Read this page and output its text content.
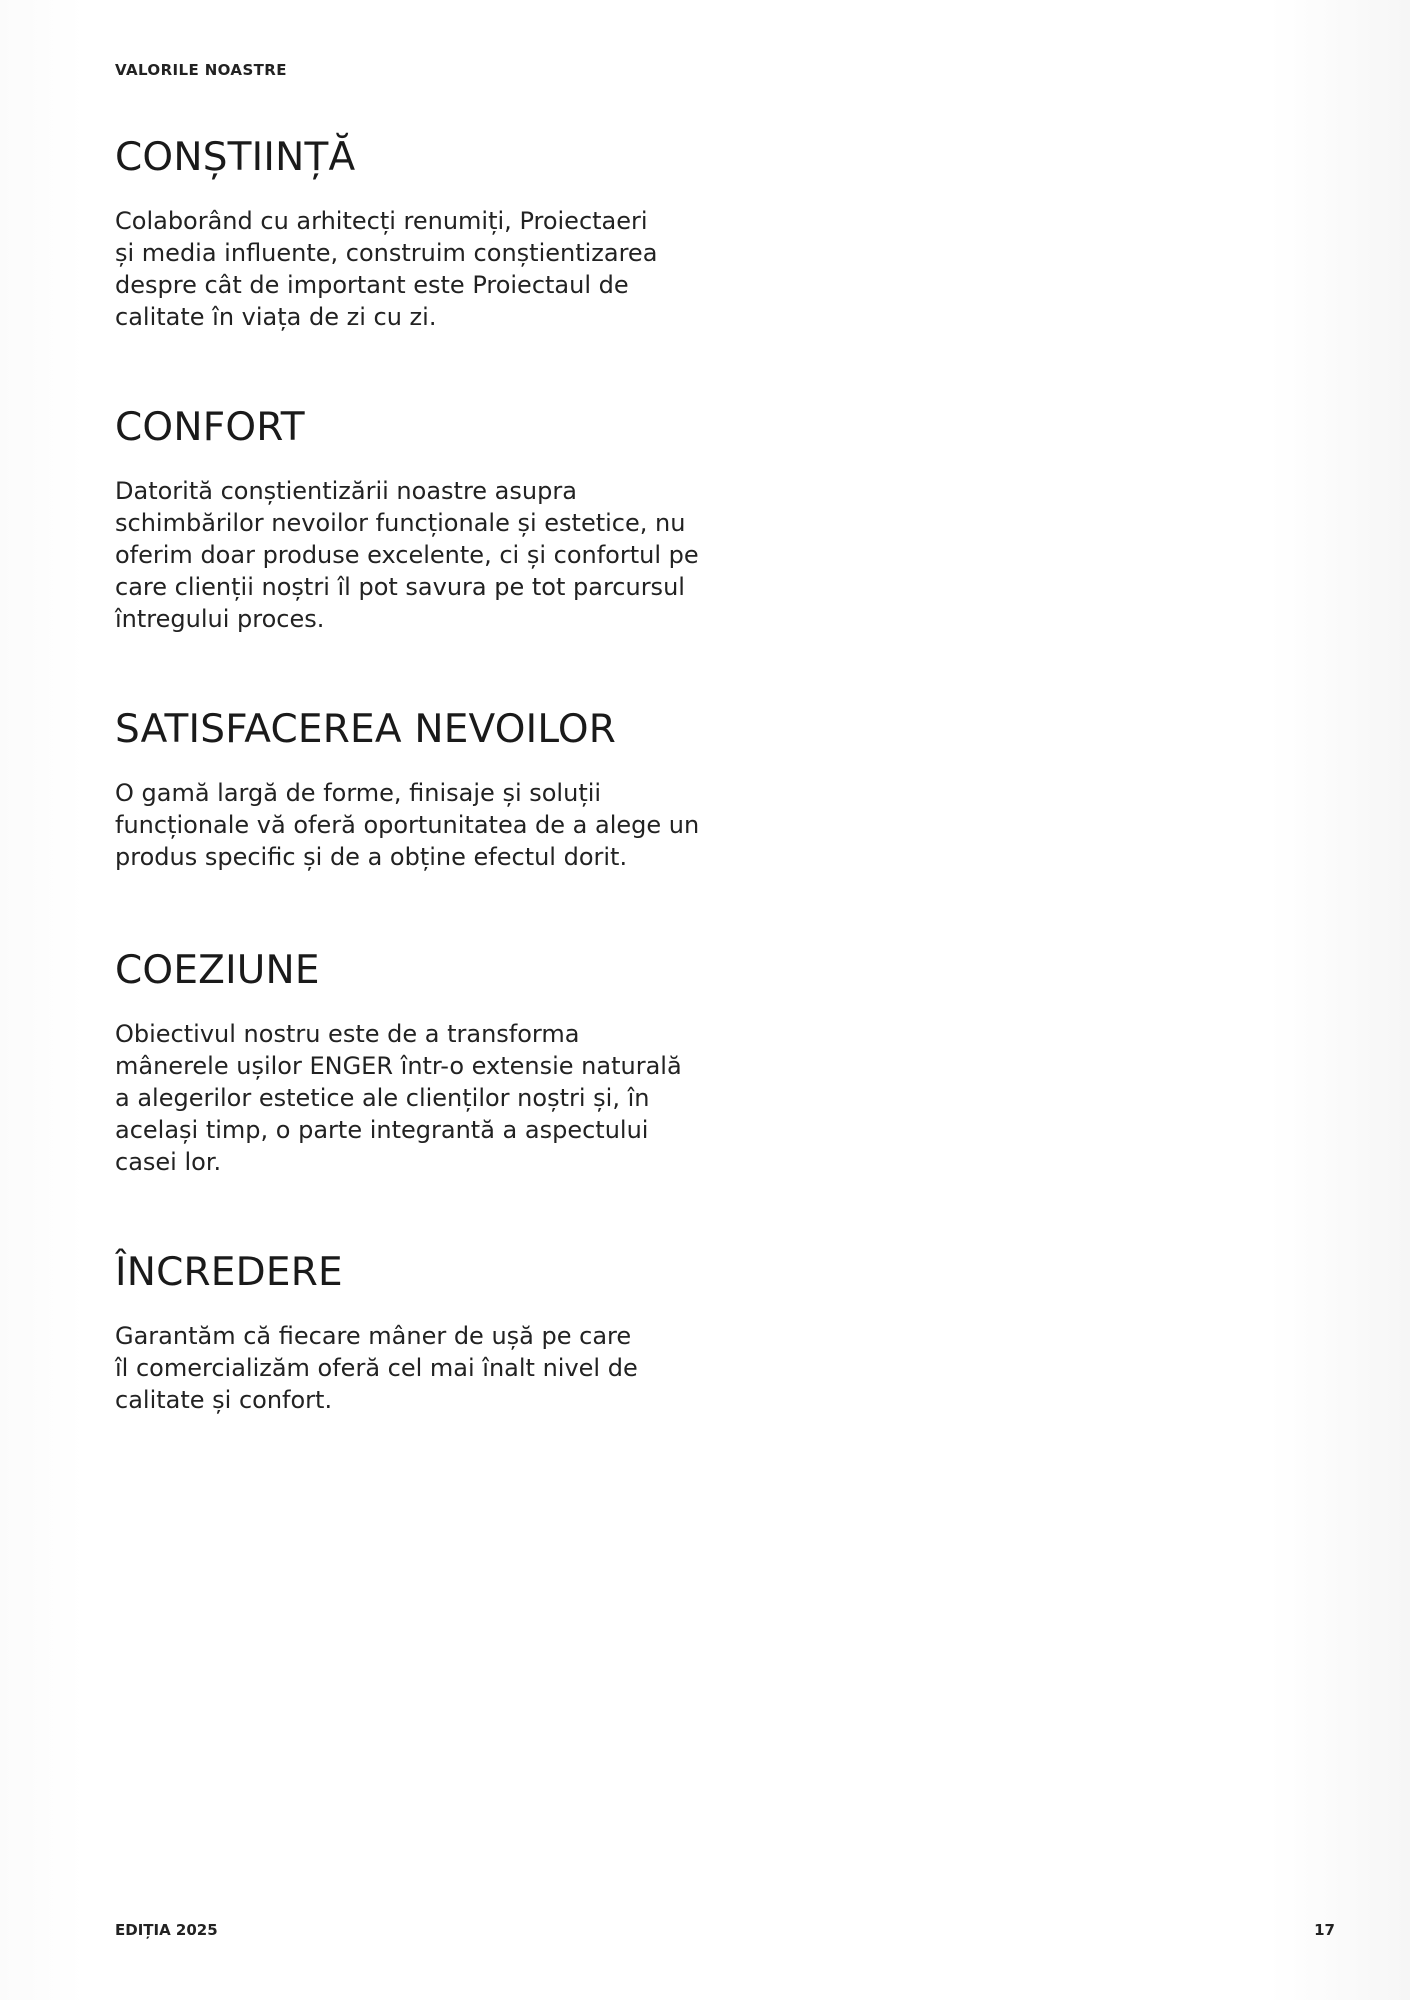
VALORILE NOASTRE
CONȘTIINȚĂ

Colaborând cu arhitecți renumiți, Proiectaeri
și media influente, construim conștientizarea
despre cât de important este Proiectaul de
calitate în viața de zi cu zi.

CONFORT

Datorită conștientizării noastre asupra
schimbărilor nevoilor funcționale și estetice, nu
oferim doar produse excelente, ci și confortul pe
care clienții noștri îl pot savura pe tot parcursul
întregului proces.

SATISFACEREA NEVOILOR

O gamă largă de forme, finisaje și soluții
funcționale vă oferă oportunitatea de a alege un
produs specific și de a obține efectul dorit.

COEZIUNE

Obiectivul nostru este de a transforma
mânerele ușilor ENGER într-o extensie naturală
a alegerilor estetice ale clienților noștri și, în
același timp, o parte integrantă a aspectului
casei lor.

ÎNCREDERE

Garantăm că fiecare mâner de ușă pe care
îl comercializăm oferă cel mai înalt nivel de
calitate și confort.

EDIȚIA 2025	17
